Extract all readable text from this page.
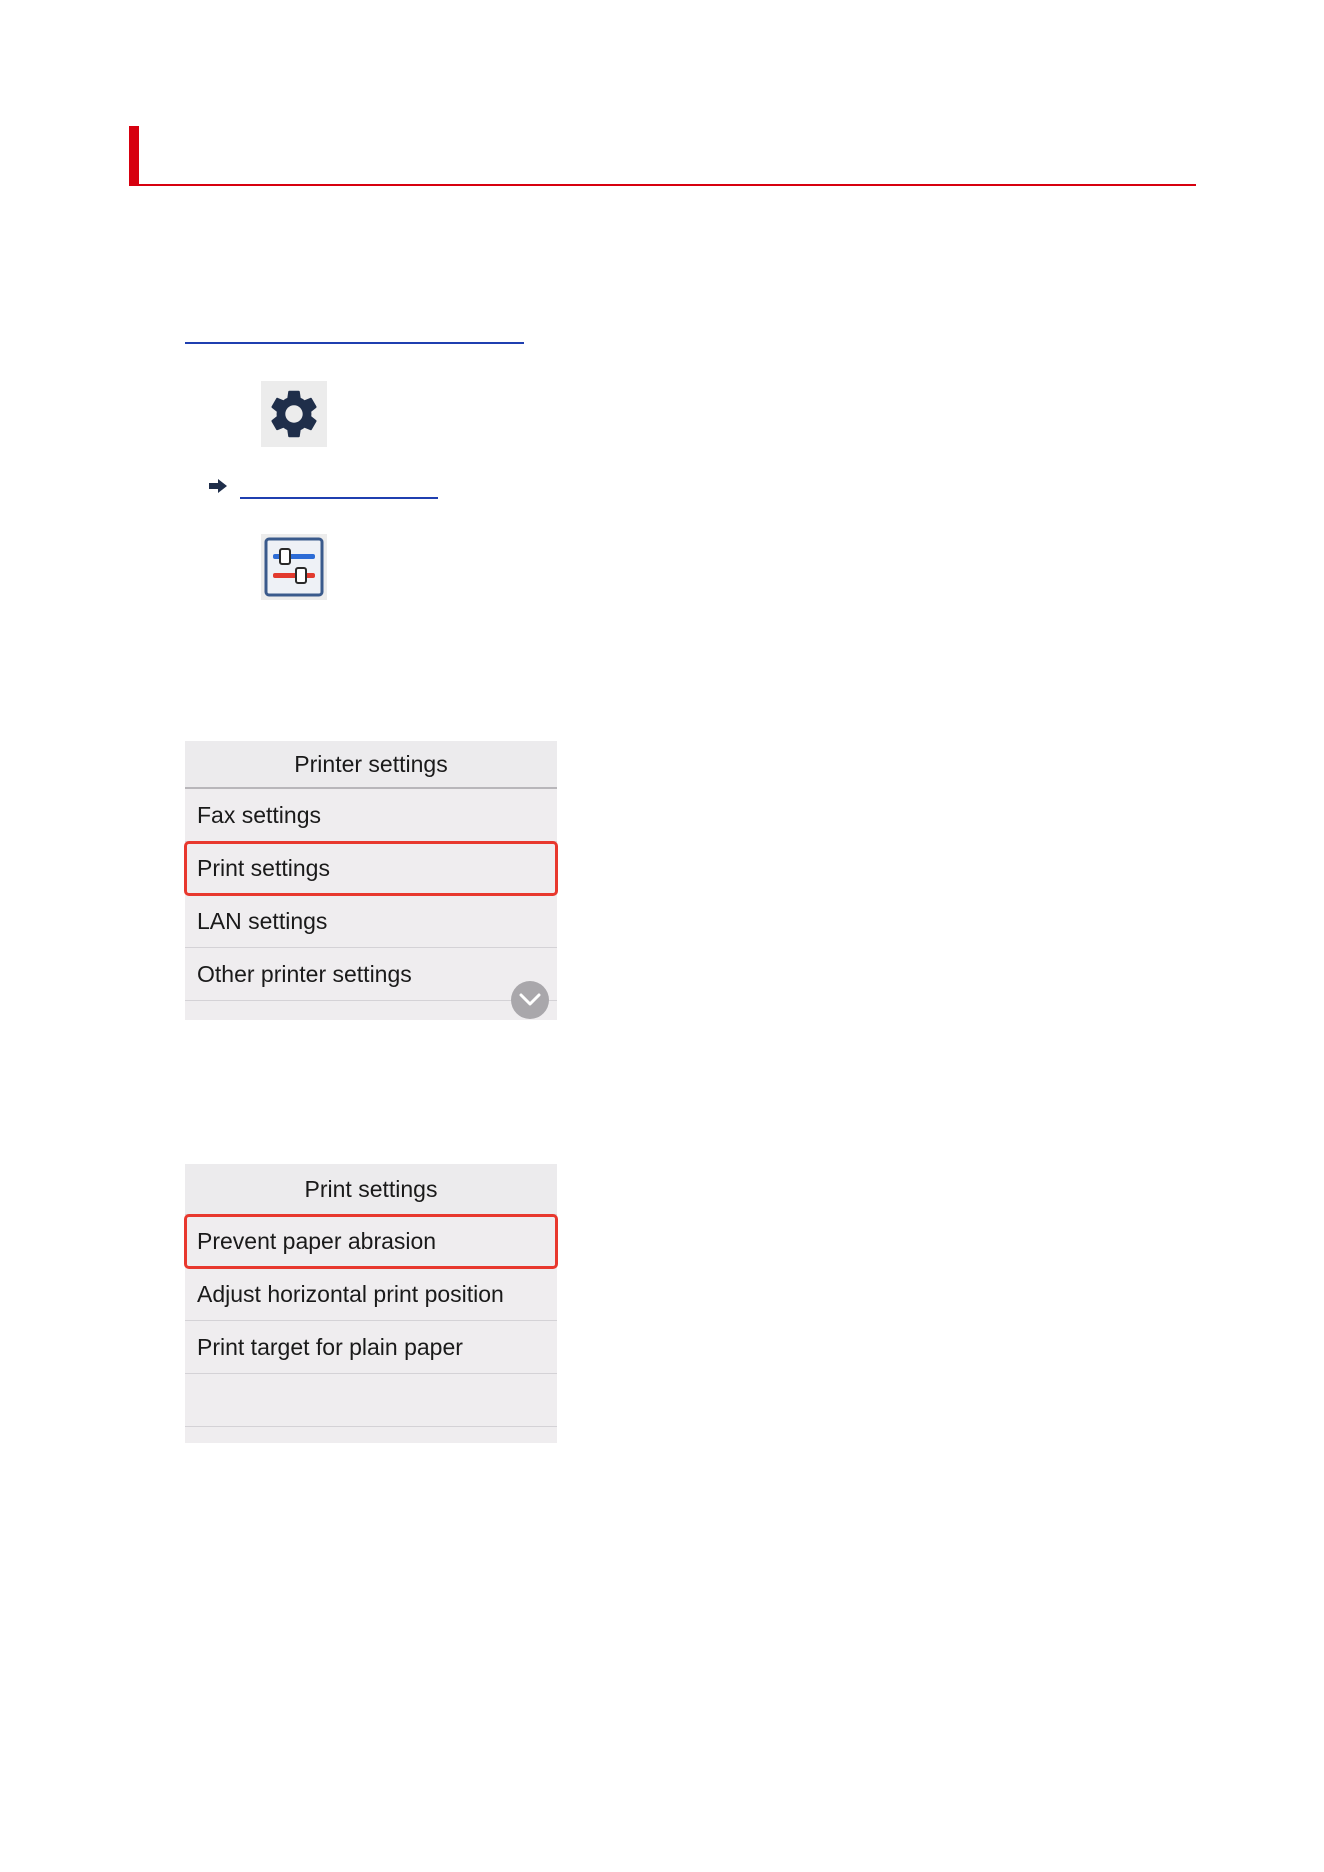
Printer settings
Fax settings
Print settings
LAN settings
Other printer settings
Print settings
Prevent paper abrasion
Adjust horizontal print position
Print target for plain paper
